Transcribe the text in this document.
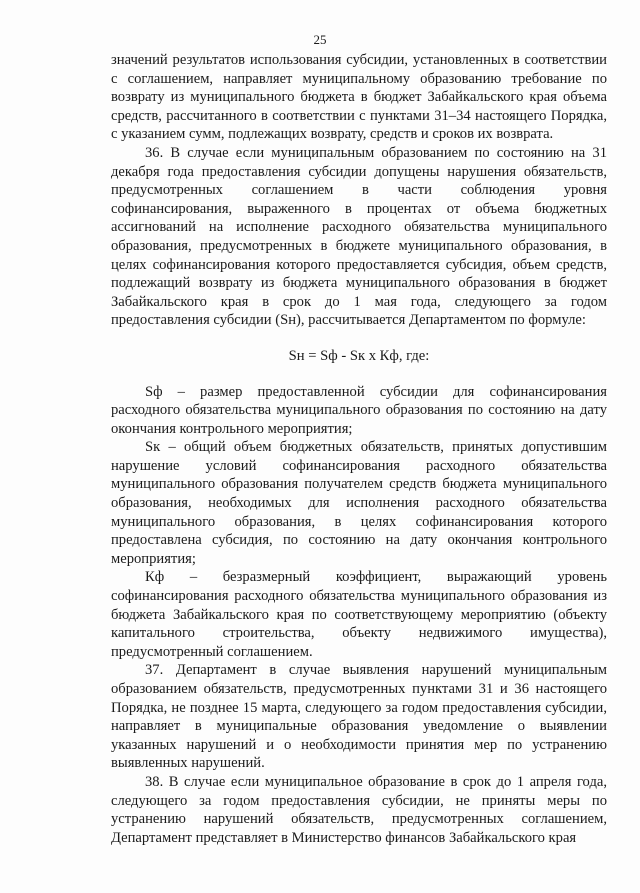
25

значений результатов использования субсидии, установленных в соответствии с соглашением, направляет муниципальному образованию требование по возврату из муниципального бюджета в бюджет Забайкальского края объема средств, рассчитанного в соответствии с пунктами 31–34 настоящего Порядка, с указанием сумм, подлежащих возврату, средств и сроков их возврата.

36. В случае если муниципальным образованием по состоянию на 31 декабря года предоставления субсидии допущены нарушения обязательств, предусмотренных соглашением в части соблюдения уровня софинансирования, выраженного в процентах от объема бюджетных ассигнований на исполнение расходного обязательства муниципального образования, предусмотренных в бюджете муниципального образования, в целях софинансирования которого предоставляется субсидия, объем средств, подлежащий возврату из бюджета муниципального образования в бюджет Забайкальского края в срок до 1 мая года, следующего за годом предоставления субсидии (Sн), рассчитывается Департаментом по формуле:

Sн = Sф - Sк х Кф, где:

Sф – размер предоставленной субсидии для софинансирования расходного обязательства муниципального образования по состоянию на дату окончания контрольного мероприятия;

Sк – общий объем бюджетных обязательств, принятых допустившим нарушение условий софинансирования расходного обязательства муниципального образования получателем средств бюджета муниципального образования, необходимых для исполнения расходного обязательства муниципального образования, в целях софинансирования которого предоставлена субсидия, по состоянию на дату окончания контрольного мероприятия;

Кф – безразмерный коэффициент, выражающий уровень софинансирования расходного обязательства муниципального образования из бюджета Забайкальского края по соответствующему мероприятию (объекту капитального строительства, объекту недвижимого имущества), предусмотренный соглашением.

37. Департамент в случае выявления нарушений муниципальным образованием обязательств, предусмотренных пунктами 31 и 36 настоящего Порядка, не позднее 15 марта, следующего за годом предоставления субсидии, направляет в муниципальные образования уведомление о выявлении указанных нарушений и о необходимости принятия мер по устранению выявленных нарушений.

38. В случае если муниципальное образование в срок до 1 апреля года, следующего за годом предоставления субсидии, не приняты меры по устранению нарушений обязательств, предусмотренных соглашением, Департамент представляет в Министерство финансов Забайкальского края
